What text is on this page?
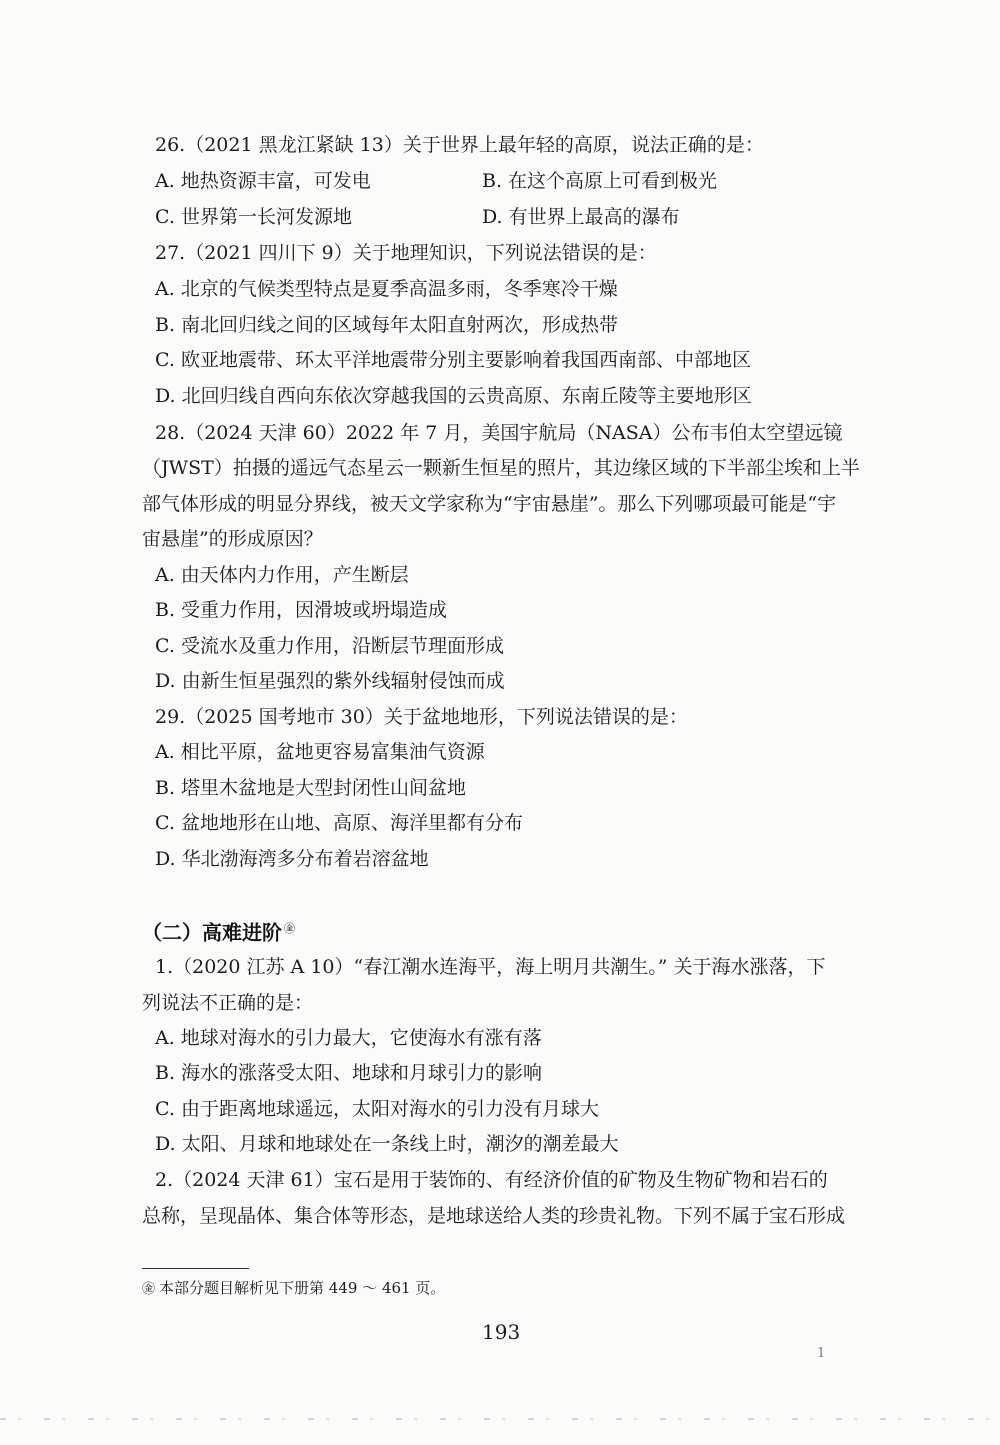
26.（2021 黑龙江紧缺 13）关于世界上最年轻的高原，说法正确的是：
A. 地热资源丰富，可发电	B. 在这个高原上可看到极光
C. 世界第一长河发源地	D. 有世界上最高的瀑布
27.（2021 四川下 9）关于地理知识，下列说法错误的是：
A. 北京的气候类型特点是夏季高温多雨，冬季寒冷干燥
B. 南北回归线之间的区域每年太阳直射两次，形成热带
C. 欧亚地震带、环太平洋地震带分别主要影响着我国西南部、中部地区
D. 北回归线自西向东依次穿越我国的云贵高原、东南丘陵等主要地形区
28.（2024 天津 60）2022 年 7 月，美国宇航局（NASA）公布韦伯太空望远镜
（JWST）拍摄的遥远气态星云一颗新生恒星的照片，其边缘区域的下半部尘埃和上半
部气体形成的明显分界线，被天文学家称为“宇宙悬崖”。那么下列哪项最可能是“宇
宙悬崖”的形成原因？
A. 由天体内力作用，产生断层
B. 受重力作用，因滑坡或坍塌造成
C. 受流水及重力作用，沿断层节理面形成
D. 由新生恒星强烈的紫外线辐射侵蚀而成
29.（2025 国考地市 30）关于盆地地形，下列说法错误的是：
A. 相比平原，盆地更容易富集油气资源
B. 塔里木盆地是大型封闭性山间盆地
C. 盆地地形在山地、高原、海洋里都有分布
D. 华北渤海湾多分布着岩溶盆地
（二）高难进阶 ㊎
1.（2020 江苏 A 10）“春江潮水连海平，海上明月共潮生。” 关于海水涨落，下
列说法不正确的是：
A. 地球对海水的引力最大，它使海水有涨有落
B. 海水的涨落受太阳、地球和月球引力的影响
C. 由于距离地球遥远，太阳对海水的引力没有月球大
D. 太阳、月球和地球处在一条线上时，潮汐的潮差最大
2.（2024 天津 61）宝石是用于装饰的、有经济价值的矿物及生物矿物和岩石的
总称，呈现晶体、集合体等形态，是地球送给人类的珍贵礼物。下列不属于宝石形成
㊎ 本部分题目解析见下册第 449 ～ 461 页。
193
1
